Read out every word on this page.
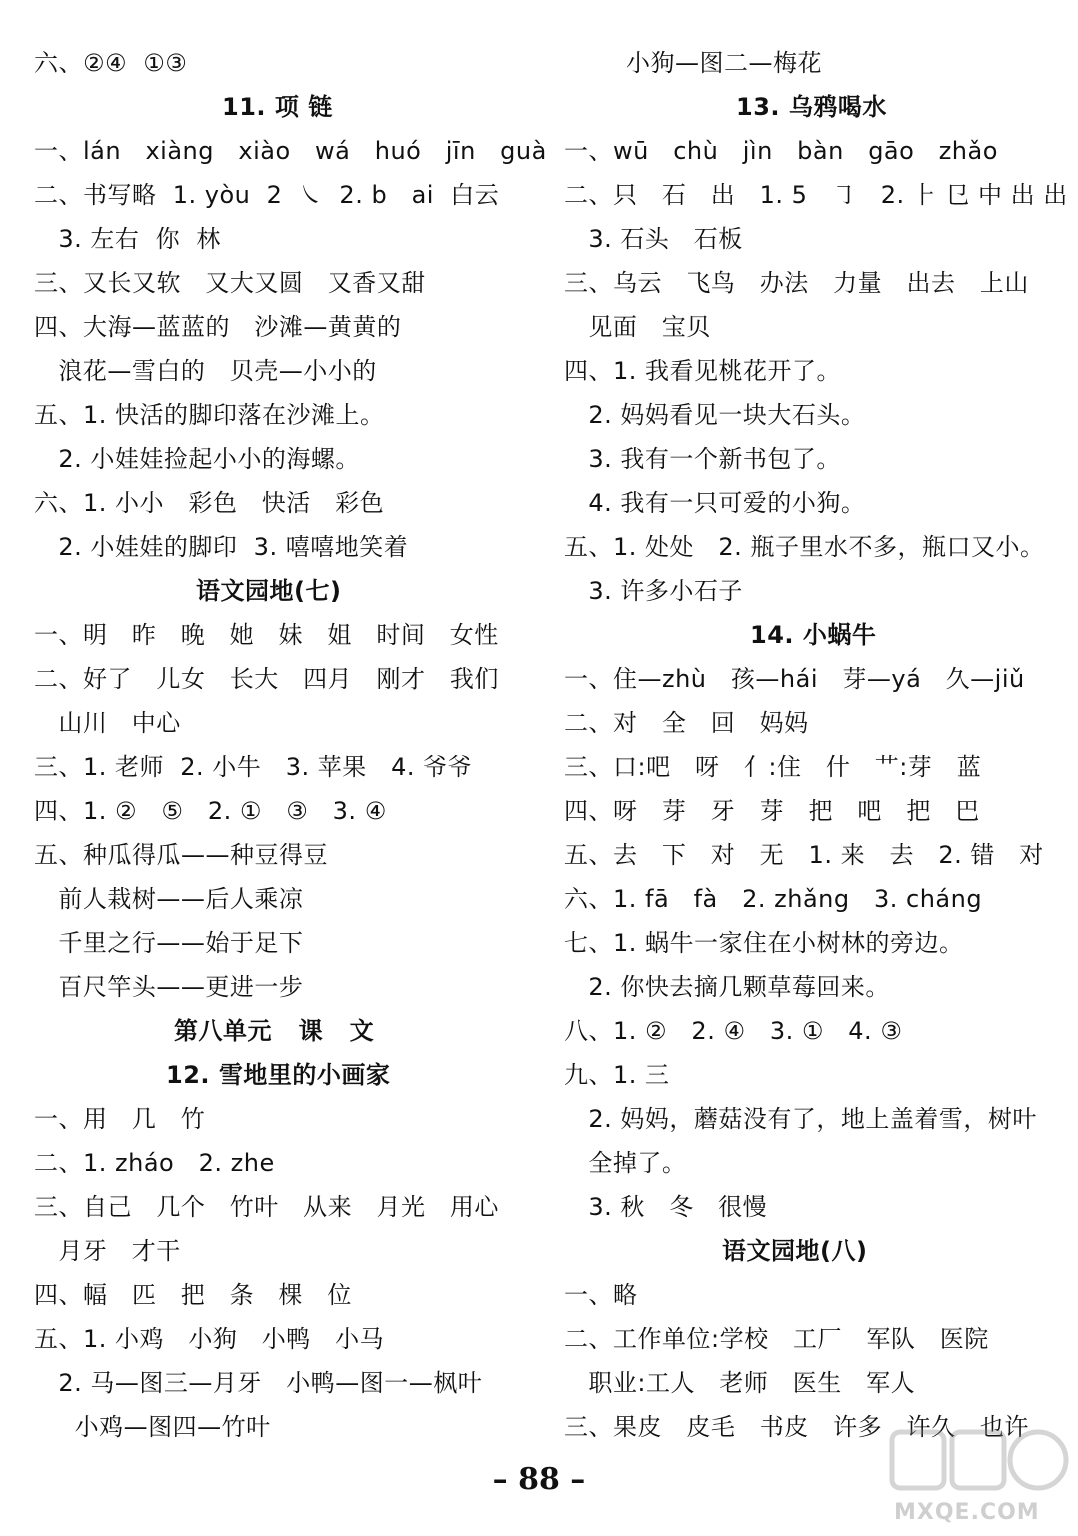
六、②④  ①③
11. 项 链
一、lán   xiàng   xiào   wá   huó   jīn   guà
二、书写略  1. yòu  2  ㇏  2. b   ai  白云
3. 左右  你  林
三、又长又软   又大又圆   又香又甜
四、大海—蓝蓝的   沙滩—黄黄的
浪花—雪白的   贝壳—小小的
五、1. 快活的脚印落在沙滩上。
2. 小娃娃捡起小小的海螺。
六、1. 小小   彩色   快活   彩色
2. 小娃娃的脚印  3. 嘻嘻地笑着
语文园地(七)
一、明   昨   晚   她   妹   姐   时间   女性
二、好了   儿女   长大   四月   刚才   我们
山川   中心
三、1. 老师  2. 小牛   3. 苹果   4. 爷爷
四、1. ②   ⑤   2. ①   ③   3. ④
五、种瓜得瓜——种豆得豆
前人栽树——后人乘凉
千里之行——始于足下
百尺竿头——更进一步
第八单元   课   文
12. 雪地里的小画家
一、用   几   竹
二、1. zháo   2. zhe
三、自己   几个   竹叶   从来   月光   用心
月牙   才干
四、幅   匹   把   条   棵   位
五、1. 小鸡   小狗   小鸭   小马
2. 马—图三—月牙   小鸭—图一—枫叶
小鸡—图四—竹叶
小狗—图二—梅花
13. 乌鸦喝水
一、wū   chù   jìn   bàn   gāo   zhǎo
二、只   石   出   1. 5   ㇆   2. ⺊ 㔾 中 出 出
3. 石头   石板
三、乌云   飞鸟   办法   力量   出去   上山
见面   宝贝
四、1. 我看见桃花开了。
2. 妈妈看见一块大石头。
3. 我有一个新书包了。
4. 我有一只可爱的小狗。
五、1. 处处   2. 瓶子里水不多，瓶口又小。
3. 许多小石子
14. 小蜗牛
一、住—zhù   孩—hái   芽—yá   久—jiǔ
二、对   全   回   妈妈
三、口:吧   呀   亻:住   什   艹:芽   蓝
四、呀   芽   牙   芽   把   吧   把   巴
五、去   下   对   无   1. 来   去   2. 错   对
六、1. fā   fà   2. zhǎng   3. cháng
七、1. 蜗牛一家住在小树林的旁边。
2. 你快去摘几颗草莓回来。
八、1. ②   2. ④   3. ①   4. ③
九、1. 三
2. 妈妈，蘑菇没有了，地上盖着雪，树叶
全掉了。
3. 秋   冬   很慢
语文园地(八)
一、略
二、工作单位:学校   工厂   军队   医院
职业:工人   老师   医生   军人
三、果皮   皮毛   书皮   许多   许久   也许
– 88 –
MXQE.COM
